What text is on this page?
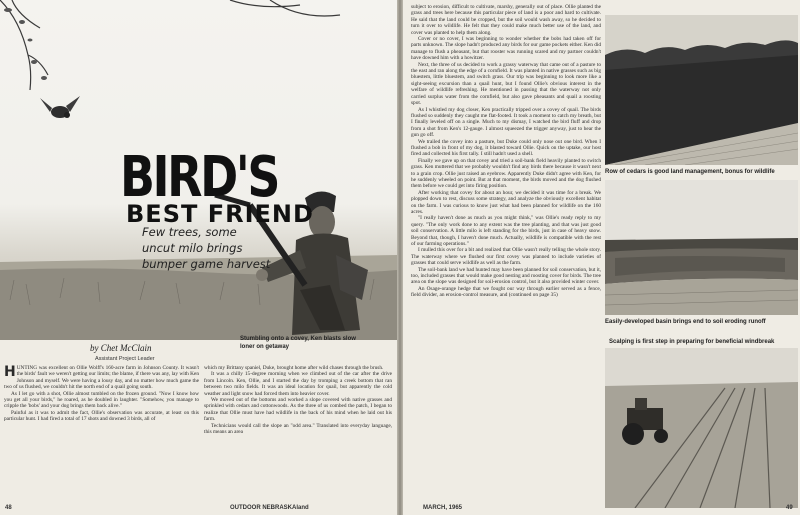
BIRD'S
BEST FRIEND
Few trees, some uncut milo brings bumper game harvest
Stumbling onto a covey, Ken blasts slow loner on getaway
by Chet McClain
Assistant Project Leader

HUNTING was excellent on Ollie Wolff's 160-acre farm in Johnson County. It wasn't the birds' fault we weren't getting our limits; the blame, if there was any, lay with Ken Johnson and myself. We were having a lousy day, and no matter how much game the two of us flushed, we couldn't hit the north end of a quail going south.

As I let go with a shot, Ollie almost tumbled on the frozen ground. "Now I know how you get all your birds," he roared, as he doubled in laughter. "Somehow, you manage to cripple the 'bobs' and your dog brings them back alive."

Painful as it was to admit the fact, Ollie's observation was accurate, at least on this particular hunt. I had fired a total of 17 shots and downed 3 birds, all of

which my Brittany spaniel, Duke, brought home after wild chases through the brush.

It was a chilly 15-degree morning when we climbed out of the car after the drive from Lincoln. Ken, Ollie, and I started the day by tromping a creek bottom that ran between two milo fields. It was an ideal location for quail, but apparently the cold weather and light snow had forced them into heavier cover.

We moved out of the bottoms and worked a slope covered with native grasses and sprinkled with cedars and cottonwoods. As the three of us combed the patch, I began to realize that Ollie must have had wildlife in the back of his mind when he laid out his farm.

Technicians would call the slope an "odd area." Translated into everyday language, this means an area

48	OUTDOOR NEBRASKAland

subject to erosion, difficult to cultivate, marshy, generally out of place. Ollie planted the grass and trees here because this particular piece of land is a poor and hard to cultivate. He said that the land could be cropped, but the soil would wash away, so he decided to turn it over to wildlife. He felt that they could make much better use of the land, and cover was planted to help them along.

Cover or no cover, I was beginning to wonder whether the bobs had taken off for parts unknown. The slope hadn't produced any birds for our game pockets either. Ken did manage to flush a pheasant, but that rooster was running scared and my partner couldn't have downed him with a howitzer.

Next, the three of us decided to work a grassy waterway that came out of a pasture to the east and ran along the edge of a cornfield. It was planted in native grasses such as big bluestem, little bluestem, and switch grass. Our trip was beginning to look more like a sight-seeing excursion than a quail hunt, but I found Ollie's obvious interest in the welfare of wildlife refreshing. He mentioned in passing that the waterway not only carried surplus water from the cornfield, but also gave pheasants and quail a roosting spot.

As I whistled my dog closer, Ken practically tripped over a covey of quail. The birds flushed so suddenly they caught me flat-footed. It took a moment to catch my breath, but I finally leveled off on a single. Much to my dismay, I watched the bird fluff and drop from a shot from Ken's 12-gauge. I almost squeezed the trigger anyway, just to hear the gun go off.

We trailed the covey into a pasture, but Duke could only nose out one bird. When I flushed a bob in front of my dog, it blasted toward Ollie. Quick on the uptake, our host fired and collected his first tally. I still hadn't used a shell.

Finally we gave up on that covey and tried a soil-bank field heavily planted to switch grass. Ken muttered that we probably wouldn't find any birds there because it wasn't next to a grain crop. Ollie just raised an eyebrow. Apparently Duke didn't agree with Ken, for he suddenly wheeled on point. But at that moment, the birds moved and the dog flushed them before we could get into firing position.

After working that covey for about an hour, we decided it was time for a break. We plopped down to rest, discuss some strategy, and analyze the obviously excellent habitat on the farm. I was curious to know just what had been planned for wildlife on the 160 acres.

"I really haven't done as much as you might think," was Ollie's ready reply to my query. "The only work done to any extent was the tree planting, and that was just good soil conservation. A little milo is left standing for the birds, just in case of heavy snow. Beyond that, though, I haven't done much. Actually, wildlife is compatible with the rest of our farming operations."

I mulled this over for a bit and realized that Ollie wasn't really telling the whole story. The waterway where we flushed our first covey was planned to include varieties of grasses that could serve wildlife as well as the farm.

The soil-bank land we had hunted may have been planned for soil conservation, but it, too, included grasses that would make good nesting and roosting cover for birds. The tree area on the slope was designed for soil-erosion control, but it also provided winter cover.

An Osage-orange hedge that we fought our way through earlier served as a fence, field divider, an erosion-control measure, and (continued on page 35)

Row of cedars is good land management, bonus for wildlife
Easily-developed basin brings end to soil eroding runoff
Scalping is first step in preparing for beneficial windbreak
MARCH, 1965	49
